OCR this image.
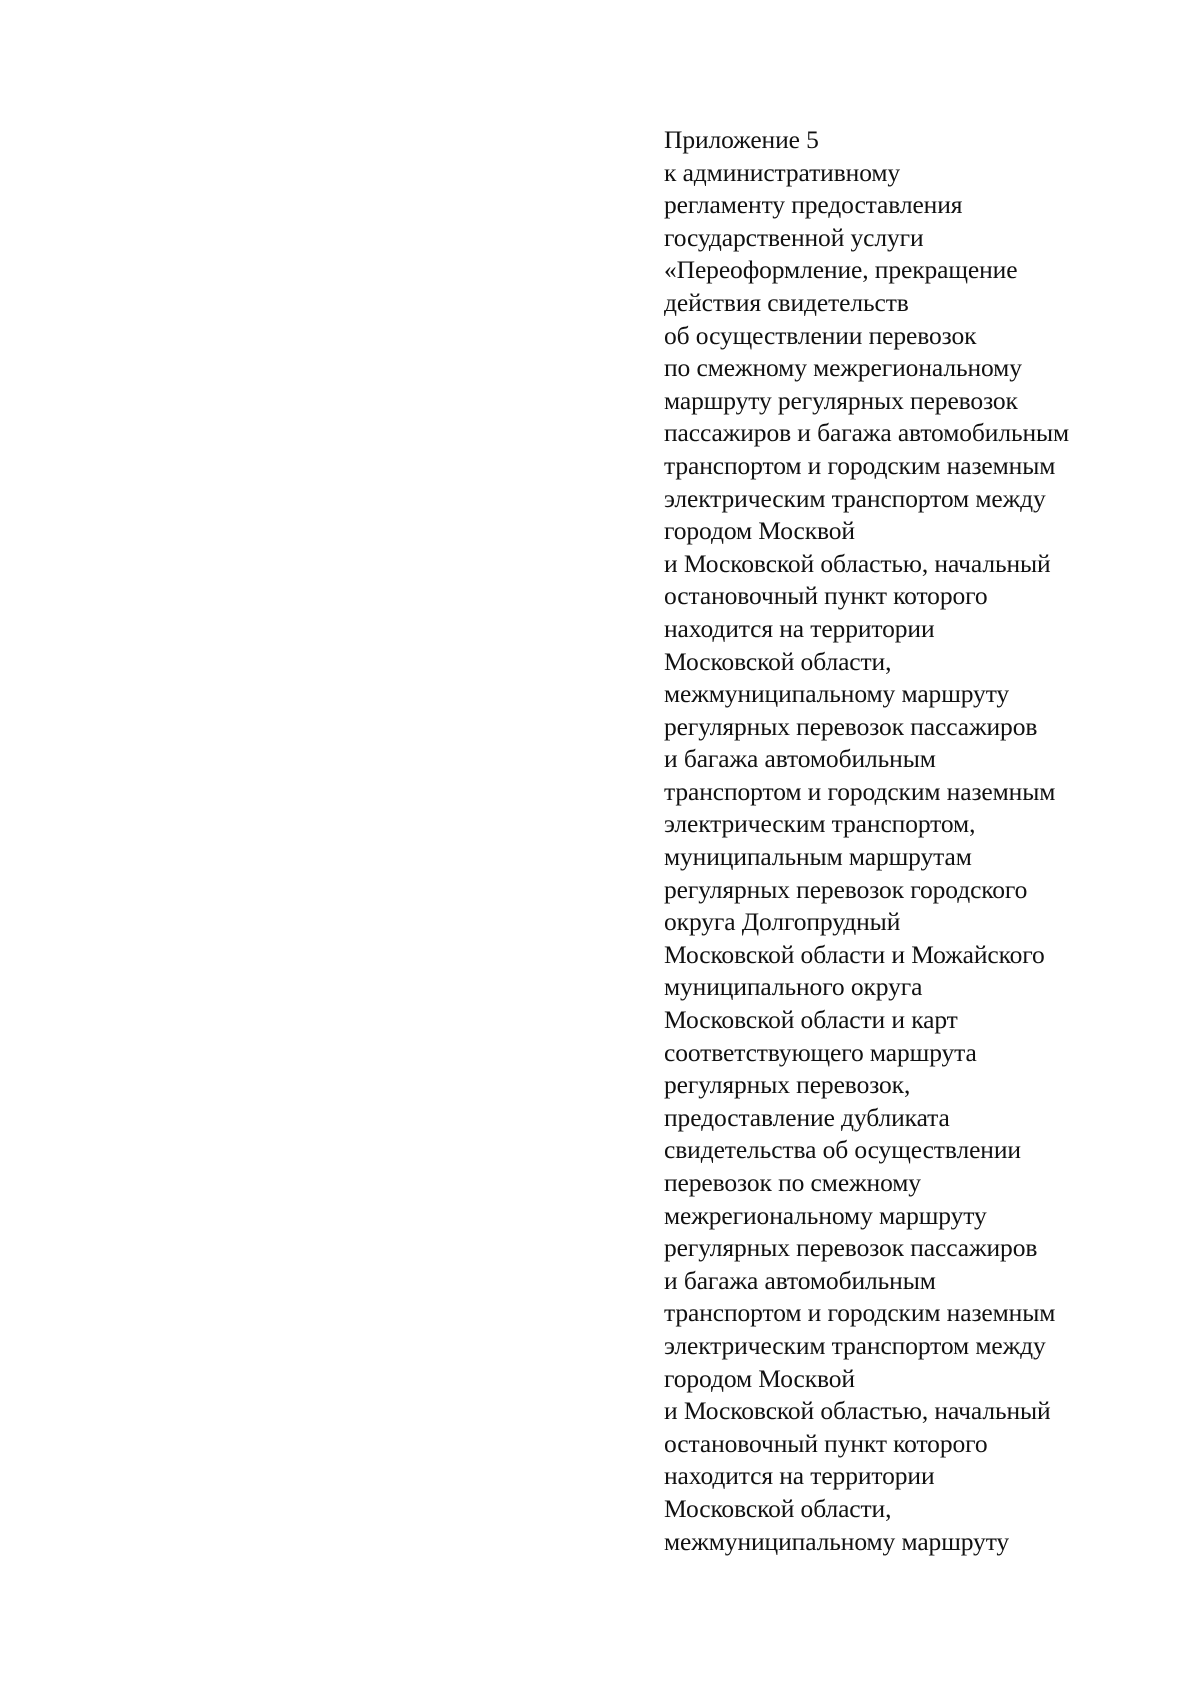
Приложение 5
к административному
регламенту предоставления
государственной услуги
«Переоформление, прекращение
действия свидетельств
об осуществлении перевозок
по смежному межрегиональному
маршруту регулярных перевозок
пассажиров и багажа автомобильным
транспортом и городским наземным
электрическим транспортом между
городом Москвой
и Московской областью, начальный
остановочный пункт которого
находится на территории
Московской области,
межмуниципальному маршруту
регулярных перевозок пассажиров
и багажа автомобильным
транспортом и городским наземным
электрическим транспортом,
муниципальным маршрутам
регулярных перевозок городского
округа Долгопрудный
Московской области и Можайского
муниципального округа
Московской области и карт
соответствующего маршрута
регулярных перевозок,
предоставление дубликата
свидетельства об осуществлении
перевозок по смежному
межрегиональному маршруту
регулярных перевозок пассажиров
и багажа автомобильным
транспортом и городским наземным
электрическим транспортом между
городом Москвой
и Московской областью, начальный
остановочный пункт которого
находится на территории
Московской области,
межмуниципальному маршруту
